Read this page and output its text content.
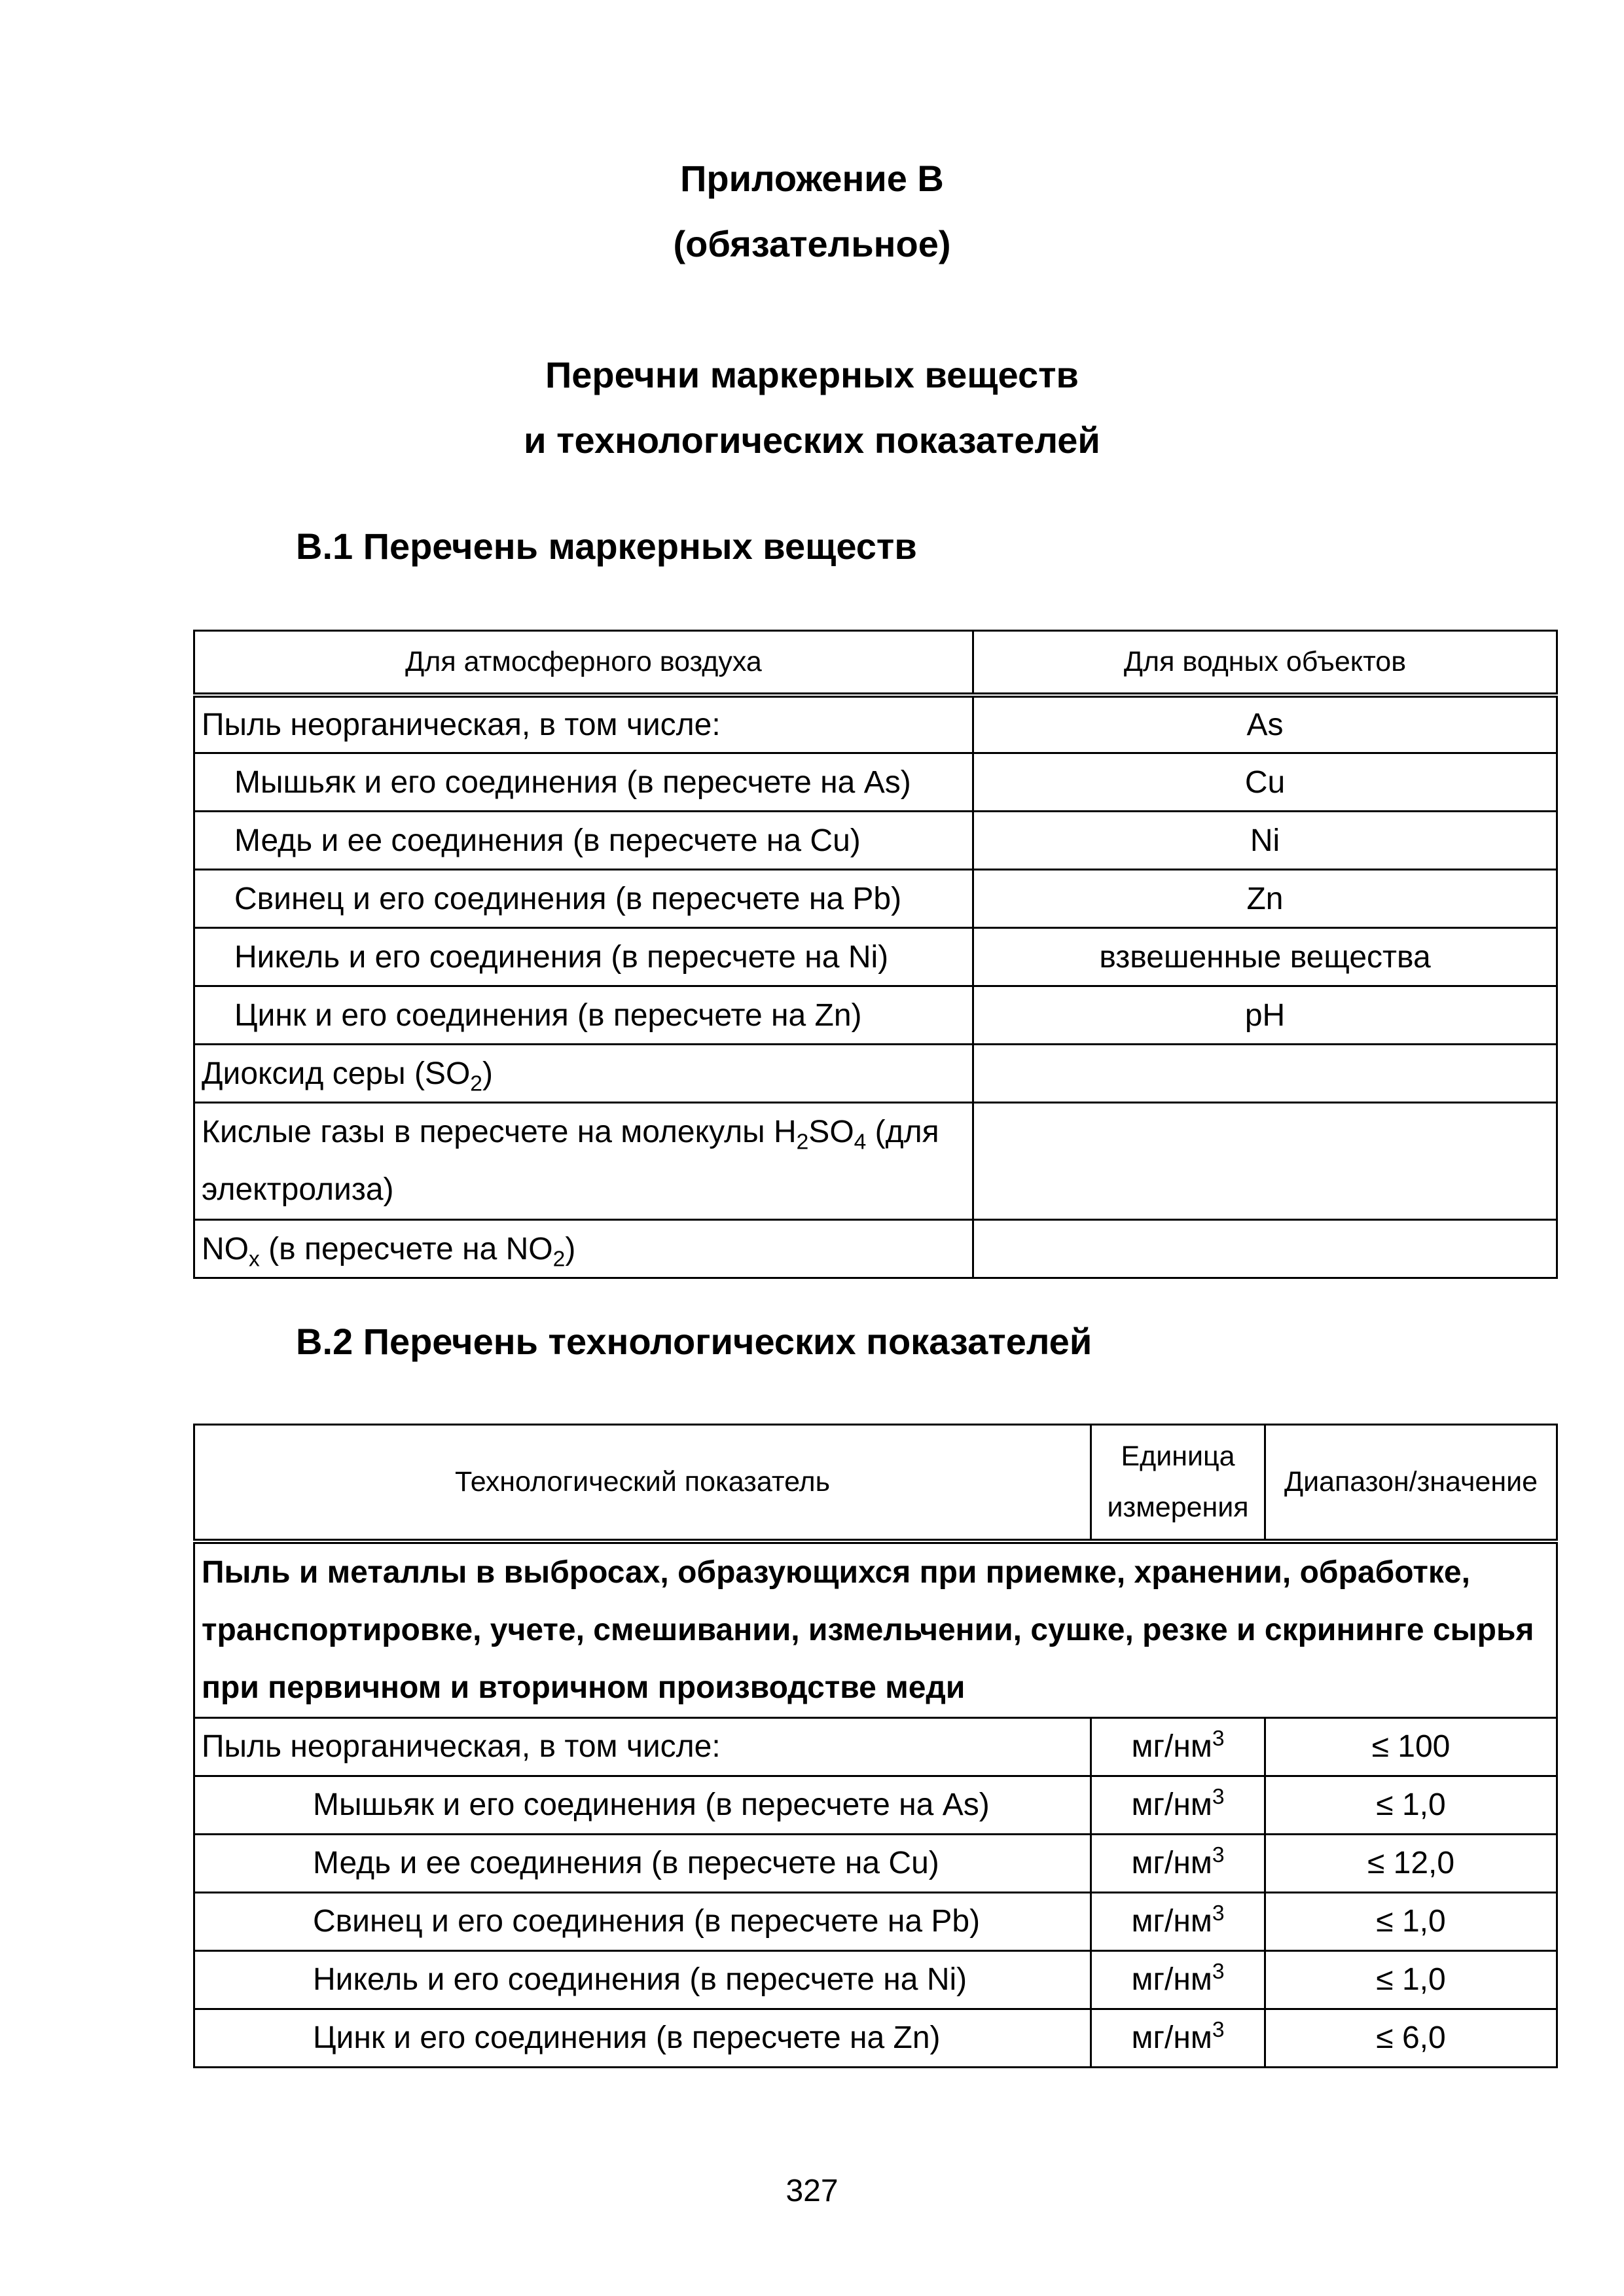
Приложение В
(обязательное)
Перечни маркерных веществ
и технологических показателей
В.1 Перечень маркерных веществ
Для атмосферного воздуха	Для водных объектов
Пыль неорганическая, в том числе:	As
Мышьяк и его соединения (в пересчете на As)	Cu
Медь и ее соединения (в пересчете на Cu)	Ni
Свинец и его соединения (в пересчете на Pb)	Zn
Никель и его соединения (в пересчете на Ni)	взвешенные вещества
Цинк и его соединения (в пересчете на Zn)	pH
Диоксид серы $(SO_2)$	
Кислые газы в пересчете на молекулы $H_2SO_4$ (для электролиза)	
$NO_x$ (в пересчете на $NO_2$)	
В.2 Перечень технологических показателей
Технологический показатель	Единица измерения	Диапазон/значение
Пыль и металлы в выбросах, образующихся при приемке, хранении, обработке, транспортировке, учете, смешивании, измельчении, сушке, резке и скрининге сырья при первичном и вторичном производстве меди		
Пыль неорганическая, в том числе:	$мг/нм^3$	≤ 100
Мышьяк и его соединения (в пересчете на As)	$мг/нм^3$	≤ 1,0
Медь и ее соединения (в пересчете на Cu)	$мг/нм^3$	≤ 12,0
Свинец и его соединения (в пересчете на Pb)	$мг/нм^3$	≤ 1,0
Никель и его соединения (в пересчете на Ni)	$мг/нм^3$	≤ 1,0
Цинк и его соединения (в пересчете на Zn)	$мг/нм^3$	≤ 6,0
327
